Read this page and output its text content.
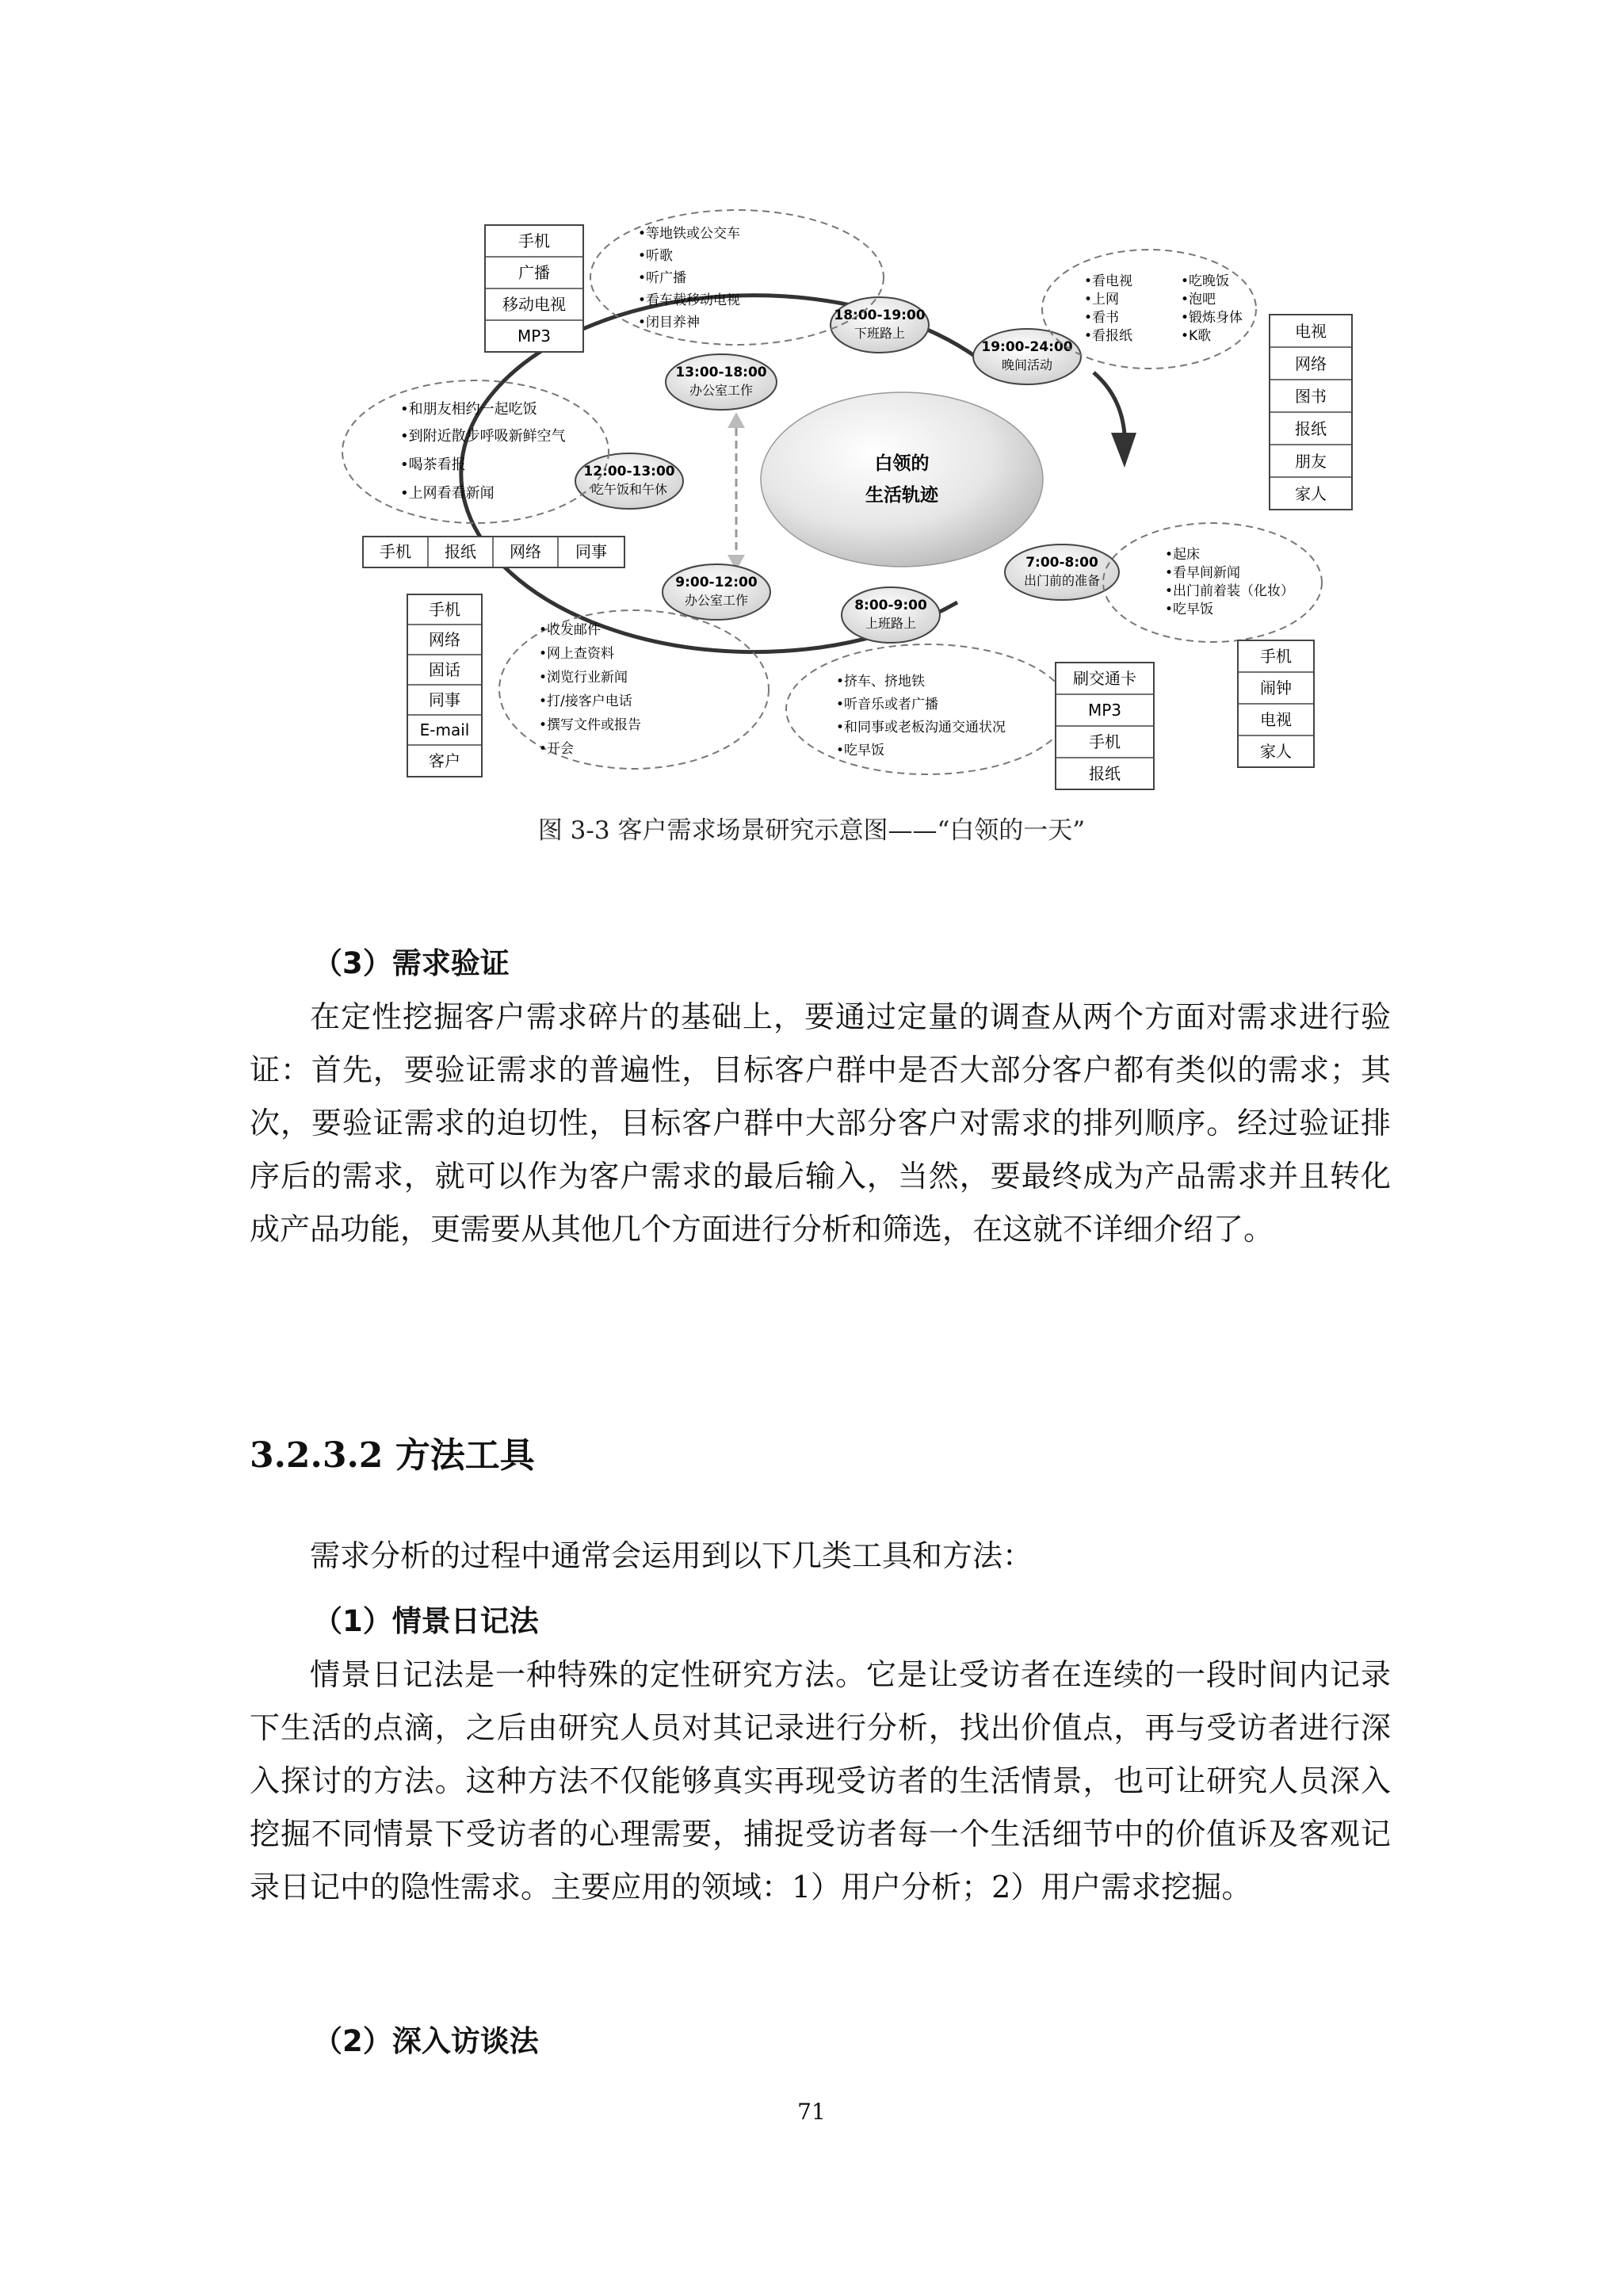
白领的
生活轨迹
18:00-19:00
下班路上
19:00-24:00
晚间活动
13:00-18:00
办公室工作
12:00-13:00
吃午饭和午休
9:00-12:00
办公室工作	8:00-9:00
上班路上
7:00-8:00
出门前的准备
•等地铁或公交车
•听歌
•听广播
•看车载移动电视
•闭目养神
•看电视
•上网
•看书
•看报纸
•吃晚饭
•泡吧
•锻炼身体
•K歌
•和朋友相约一起吃饭
•到附近散步呼吸新鲜空气
•喝茶看报
•上网看看新闻
•起床
•看早间新闻
•出门前着装（化妆）
•吃早饭
•收发邮件
•网上查资料
•浏览行业新闻
•打/接客户电话
•撰写文件或报告
•开会
•挤车、挤地铁
•听音乐或者广播
•和同事或老板沟通交通状况
•吃早饭
手机
广播
移动电视
MP3	电视
网络
图书
报纸
朋友
家人
手机 报纸 网络 同事
手机
网络
固话
同事
E-mail
客户
刷交通卡
MP3
手机
报纸
手机
闹钟
电视
家人
图 3-3 客户需求场景研究示意图——“白领的一天”
（3）需求验证

在定性挖掘客户需求碎片的基础上，要通过定量的调查从两个方面对需求进行验证：首先，要验证需求的普遍性，目标客户群中是否大部分客户都有类似的需求；其次，要验证需求的迫切性，目标客户群中大部分客户对需求的排列顺序。经过验证排序后的需求，就可以作为客户需求的最后输入，当然，要最终成为产品需求并且转化成产品功能，更需要从其他几个方面进行分析和筛选，在这就不详细介绍了。

3.2.3.2 方法工具

需求分析的过程中通常会运用到以下几类工具和方法：

（1）情景日记法

情景日记法是一种特殊的定性研究方法。它是让受访者在连续的一段时间内记录下生活的点滴，之后由研究人员对其记录进行分析，找出价值点，再与受访者进行深入探讨的方法。这种方法不仅能够真实再现受访者的生活情景，也可让研究人员深入挖掘不同情景下受访者的心理需要，捕捉受访者每一个生活细节中的价值诉及客观记录日记中的隐性需求。主要应用的领域：1）用户分析；2）用户需求挖掘。

（2）深入访谈法
71
